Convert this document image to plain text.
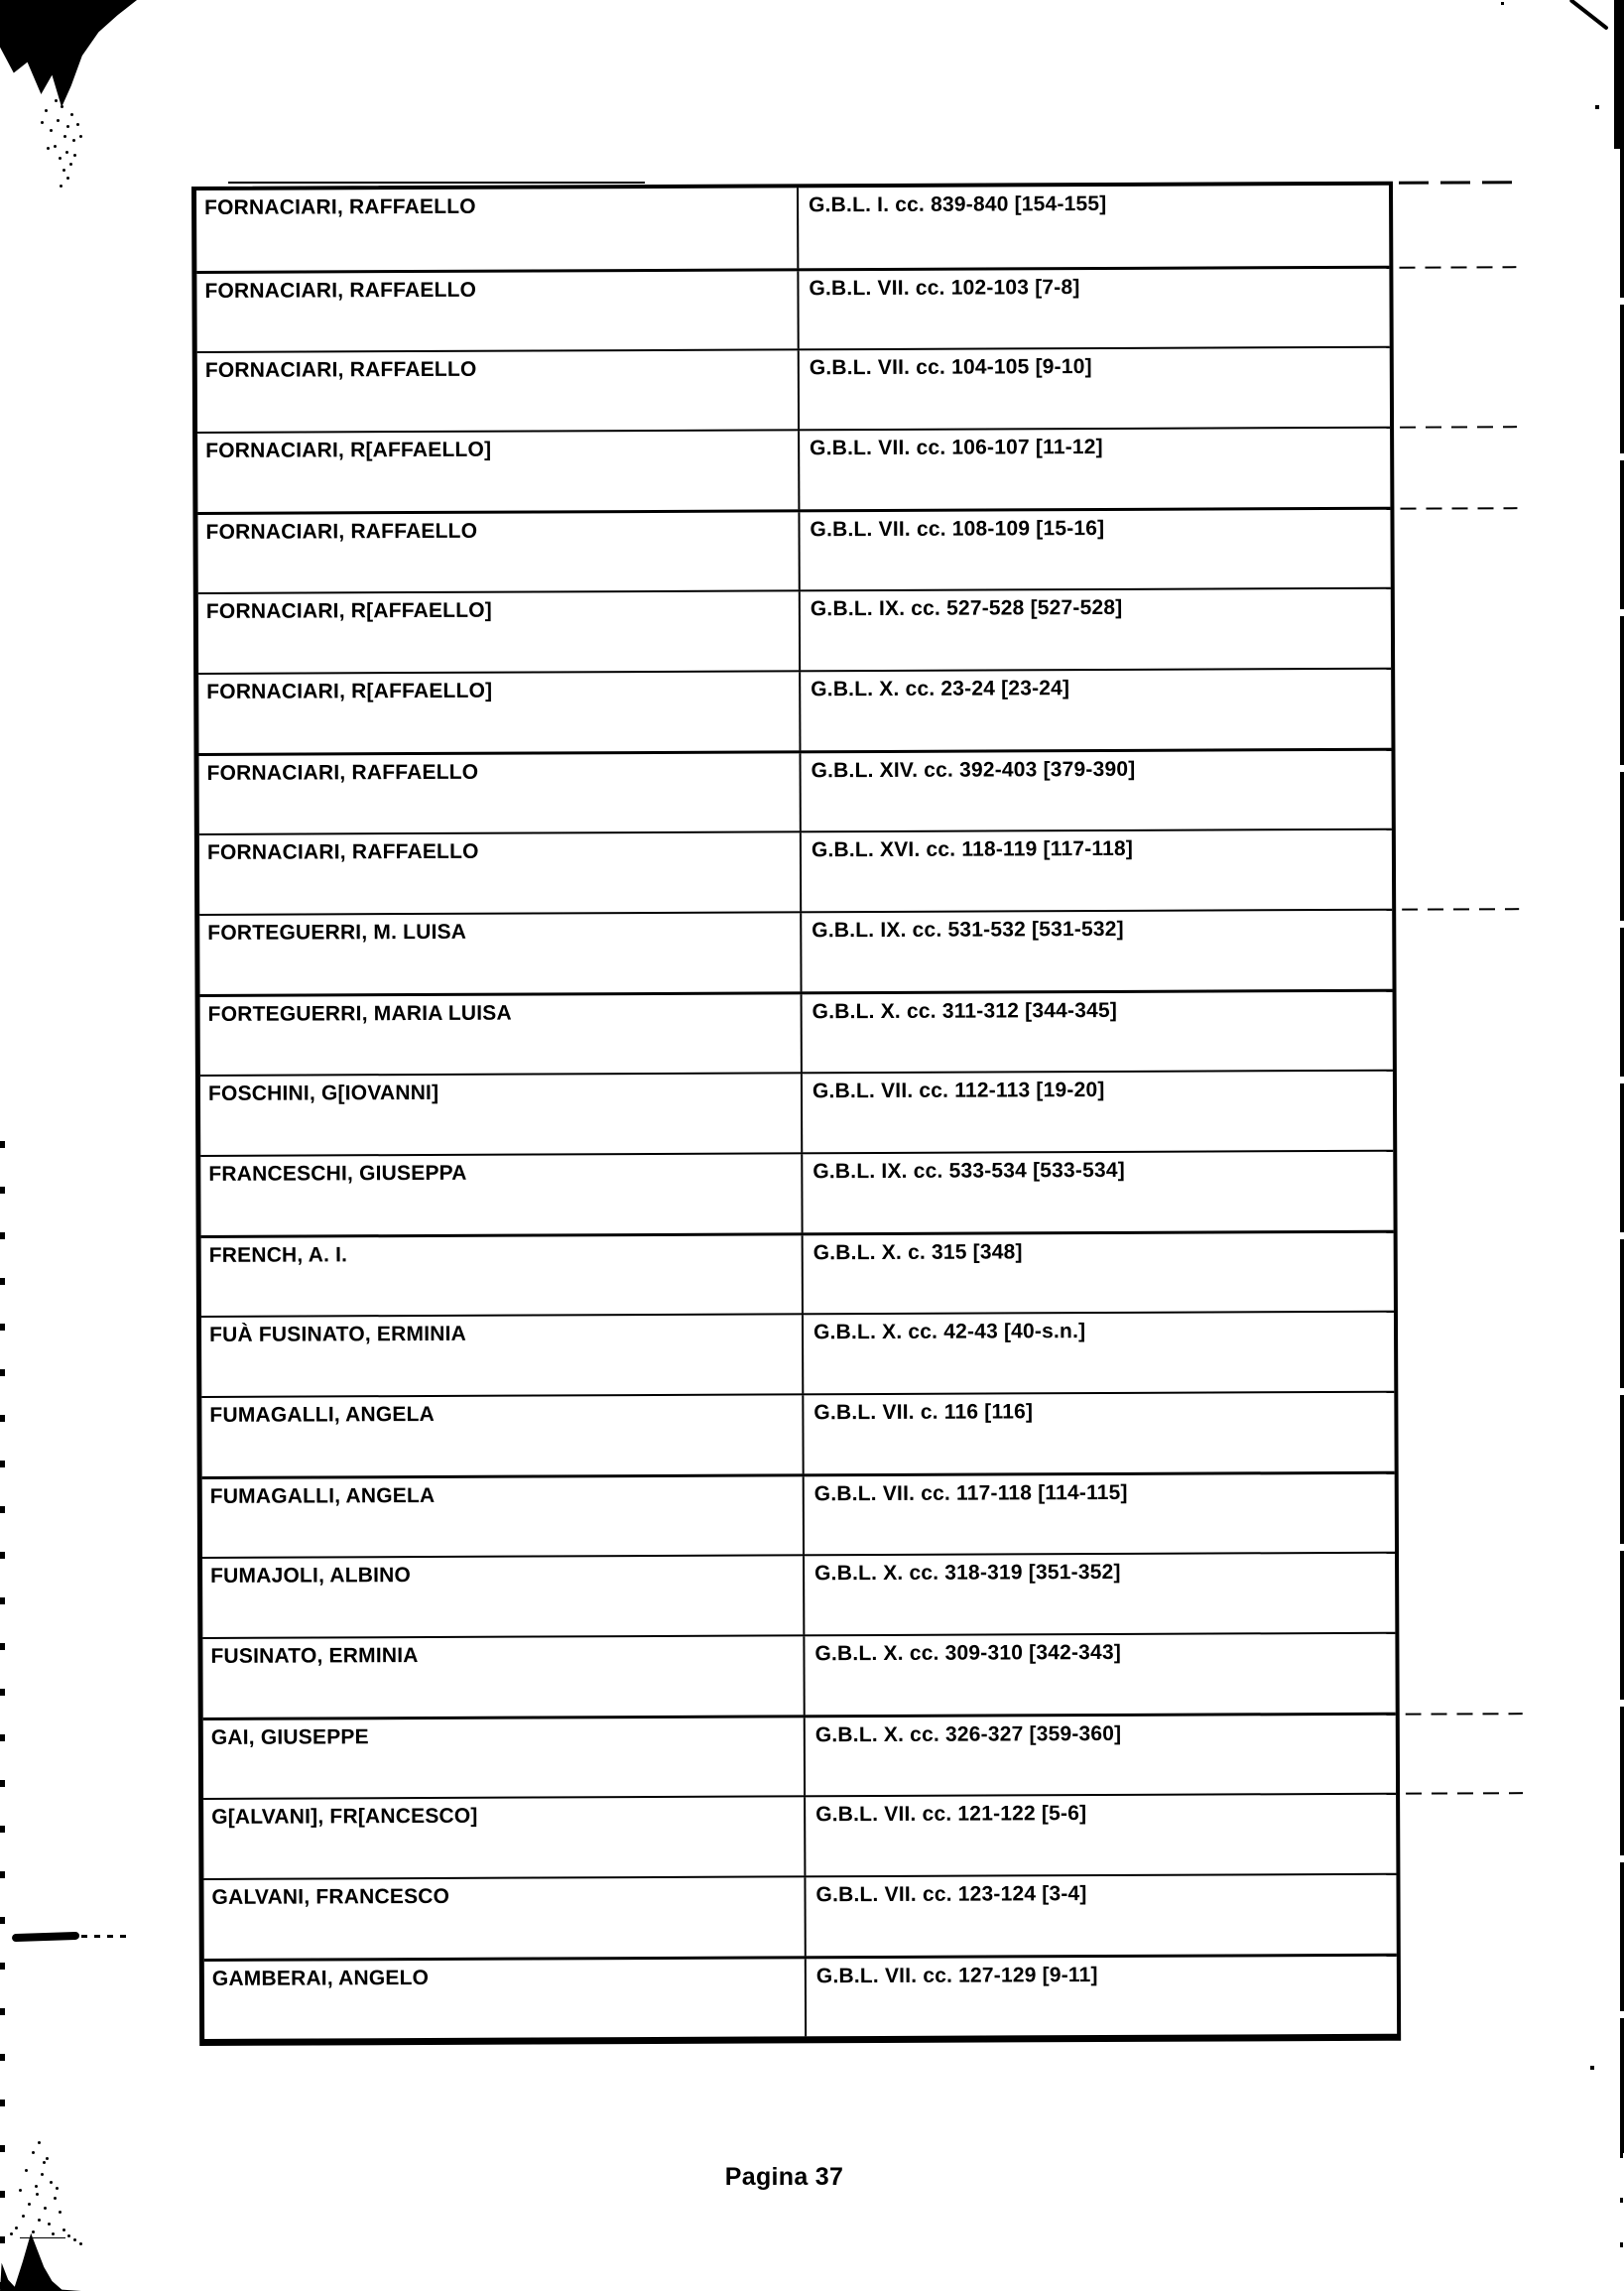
FORNACIARI, RAFFAELLO	G.B.L. I. cc. 839-840 [154-155]
FORNACIARI, RAFFAELLO	G.B.L. VII. cc. 102-103 [7-8]
FORNACIARI, RAFFAELLO	G.B.L. VII. cc. 104-105 [9-10]
FORNACIARI, R[AFFAELLO]	G.B.L. VII. cc. 106-107 [11-12]
FORNACIARI, RAFFAELLO	G.B.L. VII. cc. 108-109 [15-16]
FORNACIARI, R[AFFAELLO]	G.B.L. IX. cc. 527-528 [527-528]
FORNACIARI, R[AFFAELLO]	G.B.L. X. cc. 23-24 [23-24]
FORNACIARI, RAFFAELLO	G.B.L. XIV. cc. 392-403 [379-390]
FORNACIARI, RAFFAELLO	G.B.L. XVI. cc. 118-119 [117-118]
FORTEGUERRI, M. LUISA	G.B.L. IX. cc. 531-532 [531-532]
FORTEGUERRI, MARIA LUISA	G.B.L. X. cc. 311-312 [344-345]
FOSCHINI, G[IOVANNI]	G.B.L. VII. cc. 112-113 [19-20]
FRANCESCHI, GIUSEPPA	G.B.L. IX. cc. 533-534 [533-534]
FRENCH, A. I.	G.B.L. X. c. 315 [348]
FUÀ FUSINATO, ERMINIA	G.B.L. X. cc. 42-43 [40-s.n.]
FUMAGALLI, ANGELA	G.B.L. VII. c. 116 [116]
FUMAGALLI, ANGELA	G.B.L. VII. cc. 117-118 [114-115]
FUMAJOLI, ALBINO	G.B.L. X. cc. 318-319 [351-352]
FUSINATO, ERMINIA	G.B.L. X. cc. 309-310 [342-343]
GAI, GIUSEPPE	G.B.L. X. cc. 326-327 [359-360]
G[ALVANI], FR[ANCESCO]	G.B.L. VII. cc. 121-122 [5-6]
GALVANI, FRANCESCO	G.B.L. VII. cc. 123-124 [3-4]
GAMBERAI, ANGELO	G.B.L. VII. cc. 127-129 [9-11]
Pagina 37
